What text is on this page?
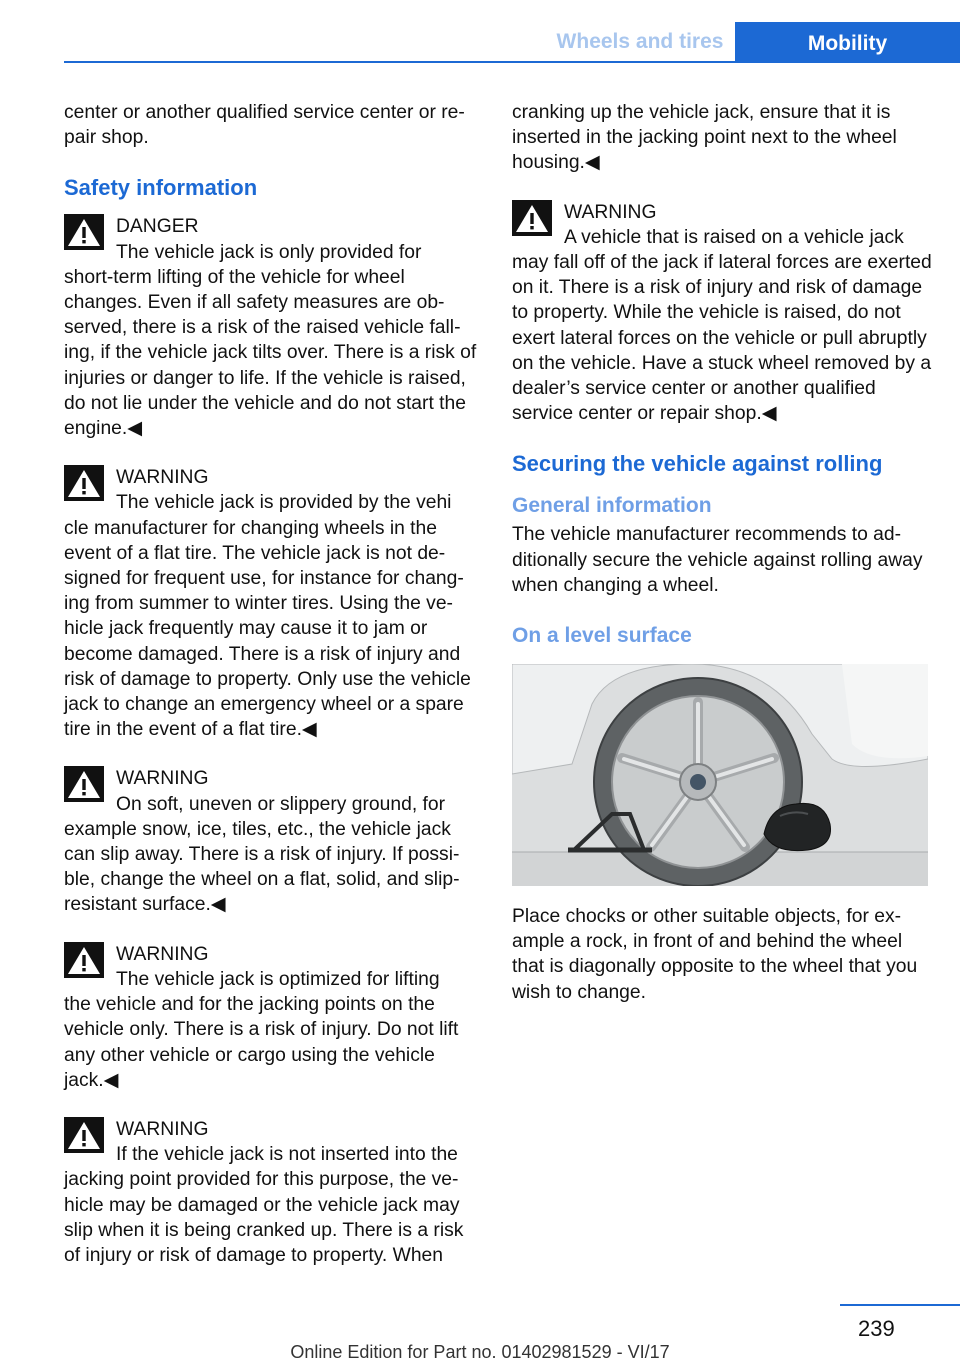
Wheels and tires	Mobility

center or another qualified service center or repair shop.

Safety information
DANGER
The vehicle jack is only provided for
short-term lifting of the vehicle for wheel changes. Even if all safety measures are observed, there is a risk of the raised vehicle falling, if the vehicle jack tilts over. There is a risk of injuries or danger to life. If the vehicle is raised, do not lie under the vehicle and do not start the engine.◀
WARNING
The vehicle jack is provided by the vehi
cle manufacturer for changing wheels in the event of a flat tire. The vehicle jack is not designed for frequent use, for instance for changing from summer to winter tires. Using the vehicle jack frequently may cause it to jam or become damaged. There is a risk of injury and risk of damage to property. Only use the vehicle jack to change an emergency wheel or a spare tire in the event of a flat tire.◀
WARNING
On soft, uneven or slippery ground, for
example snow, ice, tiles, etc., the vehicle jack can slip away. There is a risk of injury. If possible, change the wheel on a flat, solid, and slip-resistant surface.◀
WARNING
The vehicle jack is optimized for lifting
the vehicle and for the jacking points on the vehicle only. There is a risk of injury. Do not lift any other vehicle or cargo using the vehicle jack.◀
WARNING
If the vehicle jack is not inserted into the
jacking point provided for this purpose, the vehicle may be damaged or the vehicle jack may slip when it is being cranked up. There is a risk of injury or risk of damage to property. When

cranking up the vehicle jack, ensure that it is inserted in the jacking point next to the wheel housing.◀

WARNING
A vehicle that is raised on a vehicle jack
may fall off of the jack if lateral forces are exerted on it. There is a risk of injury and risk of damage to property. While the vehicle is raised, do not exert lateral forces on the vehicle or pull abruptly on the vehicle. Have a stuck wheel removed by a dealer’s service center or another qualified service center or repair shop.◀
Securing the vehicle against rolling
General information

The vehicle manufacturer recommends to additionally secure the vehicle against rolling away when changing a wheel.

On a level surface

Place chocks or other suitable objects, for example a rock, in front of and behind the wheel that is diagonally opposite to the wheel that you wish to change.

239
Online Edition for Part no. 01402981529 - VI/17
